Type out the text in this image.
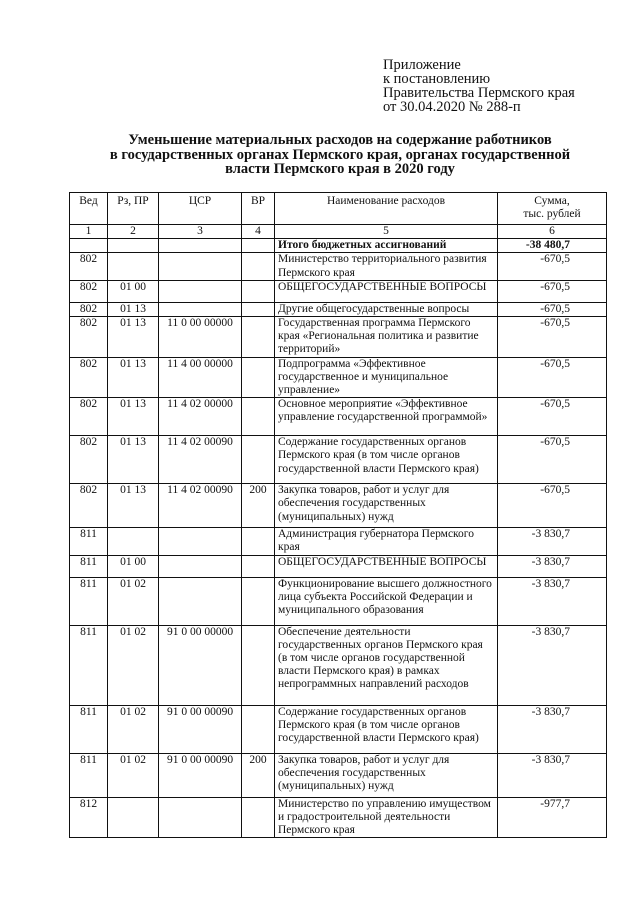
Приложение
к постановлению
Правительства Пермского края
от 30.04.2020 № 288-п
Уменьшение материальных расходов на содержание работников
в государственных органах Пермского края, органах государственной
власти Пермского края в 2020 году
Вед	Рз, ПР	ЦСР	ВР	Наименование расходов	Сумма,
тыс. рублей

1	2	3	4	5	6
				Итого бюджетных ассигнований	-38 480,7
802				Министерство территориального развития Пермского края	-670,5
802	01 00			ОБЩЕГОСУДАРСТВЕННЫЕ ВОПРОСЫ	-670,5
802	01 13			Другие общегосударственные вопросы	-670,5
802	01 13	11 0 00 00000		Государственная программа Пермского края «Региональная политика и развитие территорий»	-670,5
802	01 13	11 4 00 00000		Подпрограмма «Эффективное государственное и муниципальное управление»	-670,5
802	01 13	11 4 02 00000		Основное мероприятие «Эффективное управление государственной программой»	-670,5
802	01 13	11 4 02 00090		Содержание государственных органов Пермского края (в том числе органов государственной власти Пермского края)	-670,5
802	01 13	11 4 02 00090	200	Закупка товаров, работ и услуг для обеспечения государственных (муниципальных) нужд	-670,5
811				Администрация губернатора Пермского края	-3 830,7
811	01 00			ОБЩЕГОСУДАРСТВЕННЫЕ ВОПРОСЫ	-3 830,7
811	01 02			Функционирование высшего должностного лица субъекта Российской Федерации и муниципального образования	-3 830,7
811	01 02	91 0 00 00000		Обеспечение деятельности государственных органов Пермского края (в том числе органов государственной власти Пермского края) в рамках непрограммных направлений расходов	-3 830,7
811	01 02	91 0 00 00090		Содержание государственных органов Пермского края (в том числе органов государственной власти Пермского края)	-3 830,7
811	01 02	91 0 00 00090	200	Закупка товаров, работ и услуг для обеспечения государственных (муниципальных) нужд	-3 830,7
812				Министерство по управлению имуществом и градостроительной деятельности Пермского края	-977,7
